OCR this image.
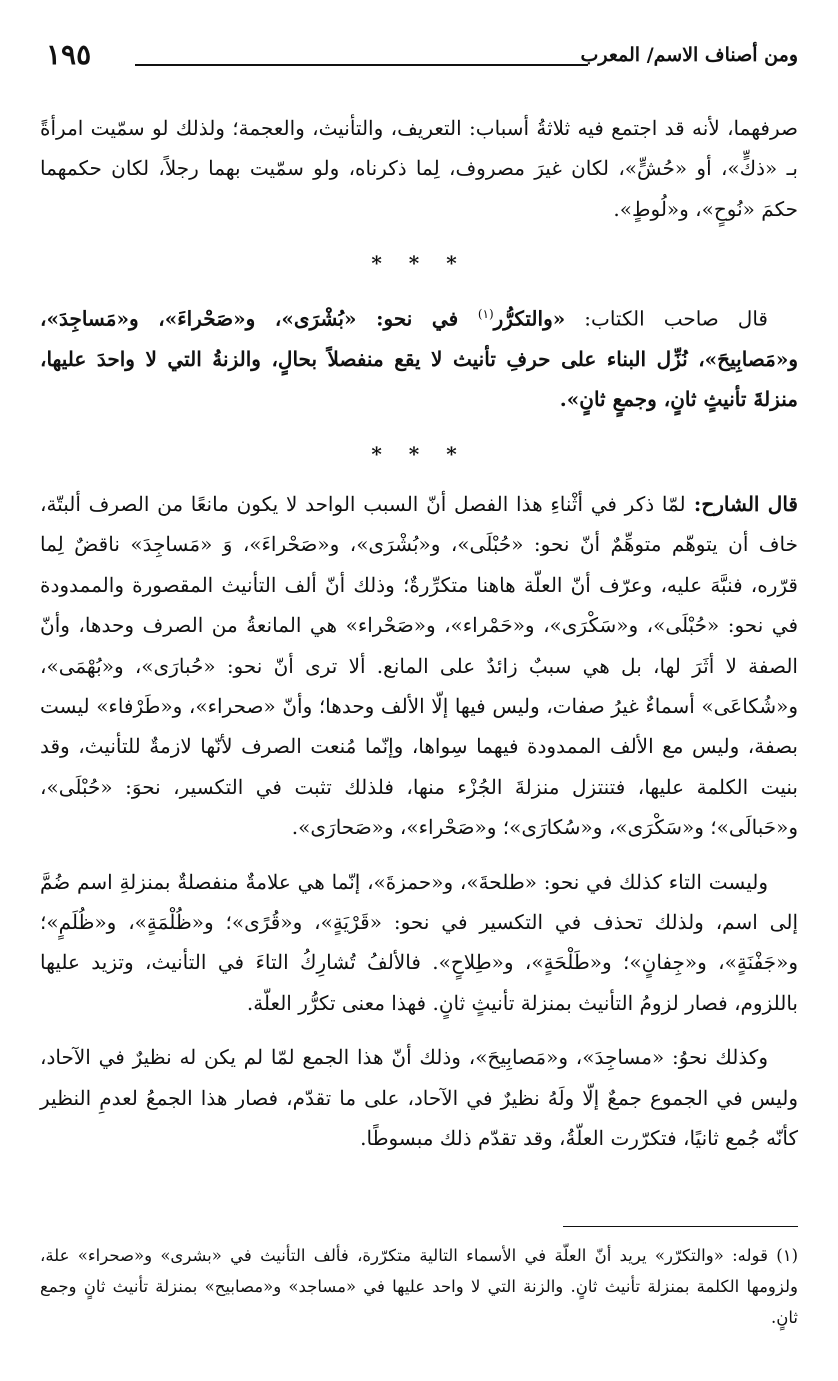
ومن أصناف الاسم/ المعرب
١٩٥

صرفهما، لأنه قد اجتمع فيه ثلاثةُ أسباب: التعريف، والتأنيث، والعجمة؛ ولذلك لو سمّيت امرأةً بـ «ذكٍّ»، أو «حُشٍّ»، لكان غيرَ مصروف، لِما ذكرناه، ولو سمّيت بهما رجلاً، لكان حكمهما حكمَ «نُوحٍ»، و«لُوطٍ».

* * *

قال صاحب الكتاب: «والتكرُّر$^{(١)}$ في نحو: «بُشْرَى»، و«صَحْراءَ»، و«مَساجِدَ»، و«مَصابِيحَ»، نُزِّل البناء على حرفِ تأنيث لا يقع منفصلاً بحالٍ، والزنةُ التي لا واحدَ عليها، منزلةَ تأنيثٍ ثانٍ، وجمعٍ ثانٍ».

* * *

قال الشارح: لمّا ذكر في أثْناءِ هذا الفصل أنّ السبب الواحد لا يكون مانعًا من الصرف ألبتّة، خاف أن يتوهّم متوهِّمٌ أنّ نحو: «حُبْلَى»، و«بُشْرَى»، و«صَحْراءَ»، وَ «مَساجِدَ» ناقضٌ لِما قرّره، فنبَّهَ عليه، وعرّف أنّ العلّة هاهنا متكرِّرةٌ؛ وذلك أنّ ألف التأنيث المقصورة والممدودة في نحو: «حُبْلَى»، و«سَكْرَى»، و«حَمْراء»، و«صَحْراء» هي المانعةُ من الصرف وحدها، وأنّ الصفة لا أثَرَ لها، بل هي سببٌ زائدٌ على المانع. ألا ترى أنّ نحو: «حُبارَى»، و«بُهْمَى»، و«شُكاعَى» أسماءٌ غيرُ صفات، وليس فيها إلّا الألف وحدها؛ وأنّ «صحراء»، و«طَرْفاء» ليست بصفة، وليس مع الألف الممدودة فيهما سِواها، وإنّما مُنعت الصرف لأنّها لازمةٌ للتأنيث، وقد بنيت الكلمة عليها، فتنتزل منزلةَ الجُزْء منها، فلذلك تثبت في التكسير، نحوَ: «حُبْلَى»، و«حَبالَى»؛ و«سَكْرَى»، و«سُكارَى»؛ و«صَحْراء»، و«صَحارَى».

وليست التاء كذلك في نحو: «طلحةَ»، و«حمزةَ»، إنّما هي علامةٌ منفصلةٌ بمنزلةِ اسم ضُمَّ إلى اسم، ولذلك تحذف في التكسير في نحو: «قَرْيَةٍ»، و«قُرًى»؛ و«ظُلْمَةٍ»، و«ظُلَمٍ»؛ و«جَفْنَةٍ»، و«جِفانٍ»؛ و«طَلْحَةٍ»، و«طِلاحٍ». فالألفُ تُشارِكُ التاءَ في التأنيث، وتزيد عليها باللزوم، فصار لزومُ التأنيث بمنزلة تأنيثٍ ثانٍ. فهذا معنى تكرُّر العلّة.

وكذلك نحوُ: «مساجِدَ»، و«مَصابِيحَ»، وذلك أنّ هذا الجمع لمّا لم يكن له نظيرٌ في الآحاد، وليس في الجموع جمعٌ إلّا ولَهُ نظيرٌ في الآحاد، على ما تقدّم، فصار هذا الجمعُ لعدمِ النظير كأنّه جُمع ثانيًا، فتكرّرت العلّةُ، وقد تقدّم ذلك مبسوطًا.

(١) قوله: «والتكرّر» يريد أنّ العلّة في الأسماء التالية متكرّرة، فألف التأنيث في «بشرى» و«صحراء» علة، ولزومها الكلمة بمنزلة تأنيث ثانٍ. والزنة التي لا واحد عليها في «مساجد» و«مصابيح» بمنزلة تأنيث ثانٍ وجمع ثانٍ.
